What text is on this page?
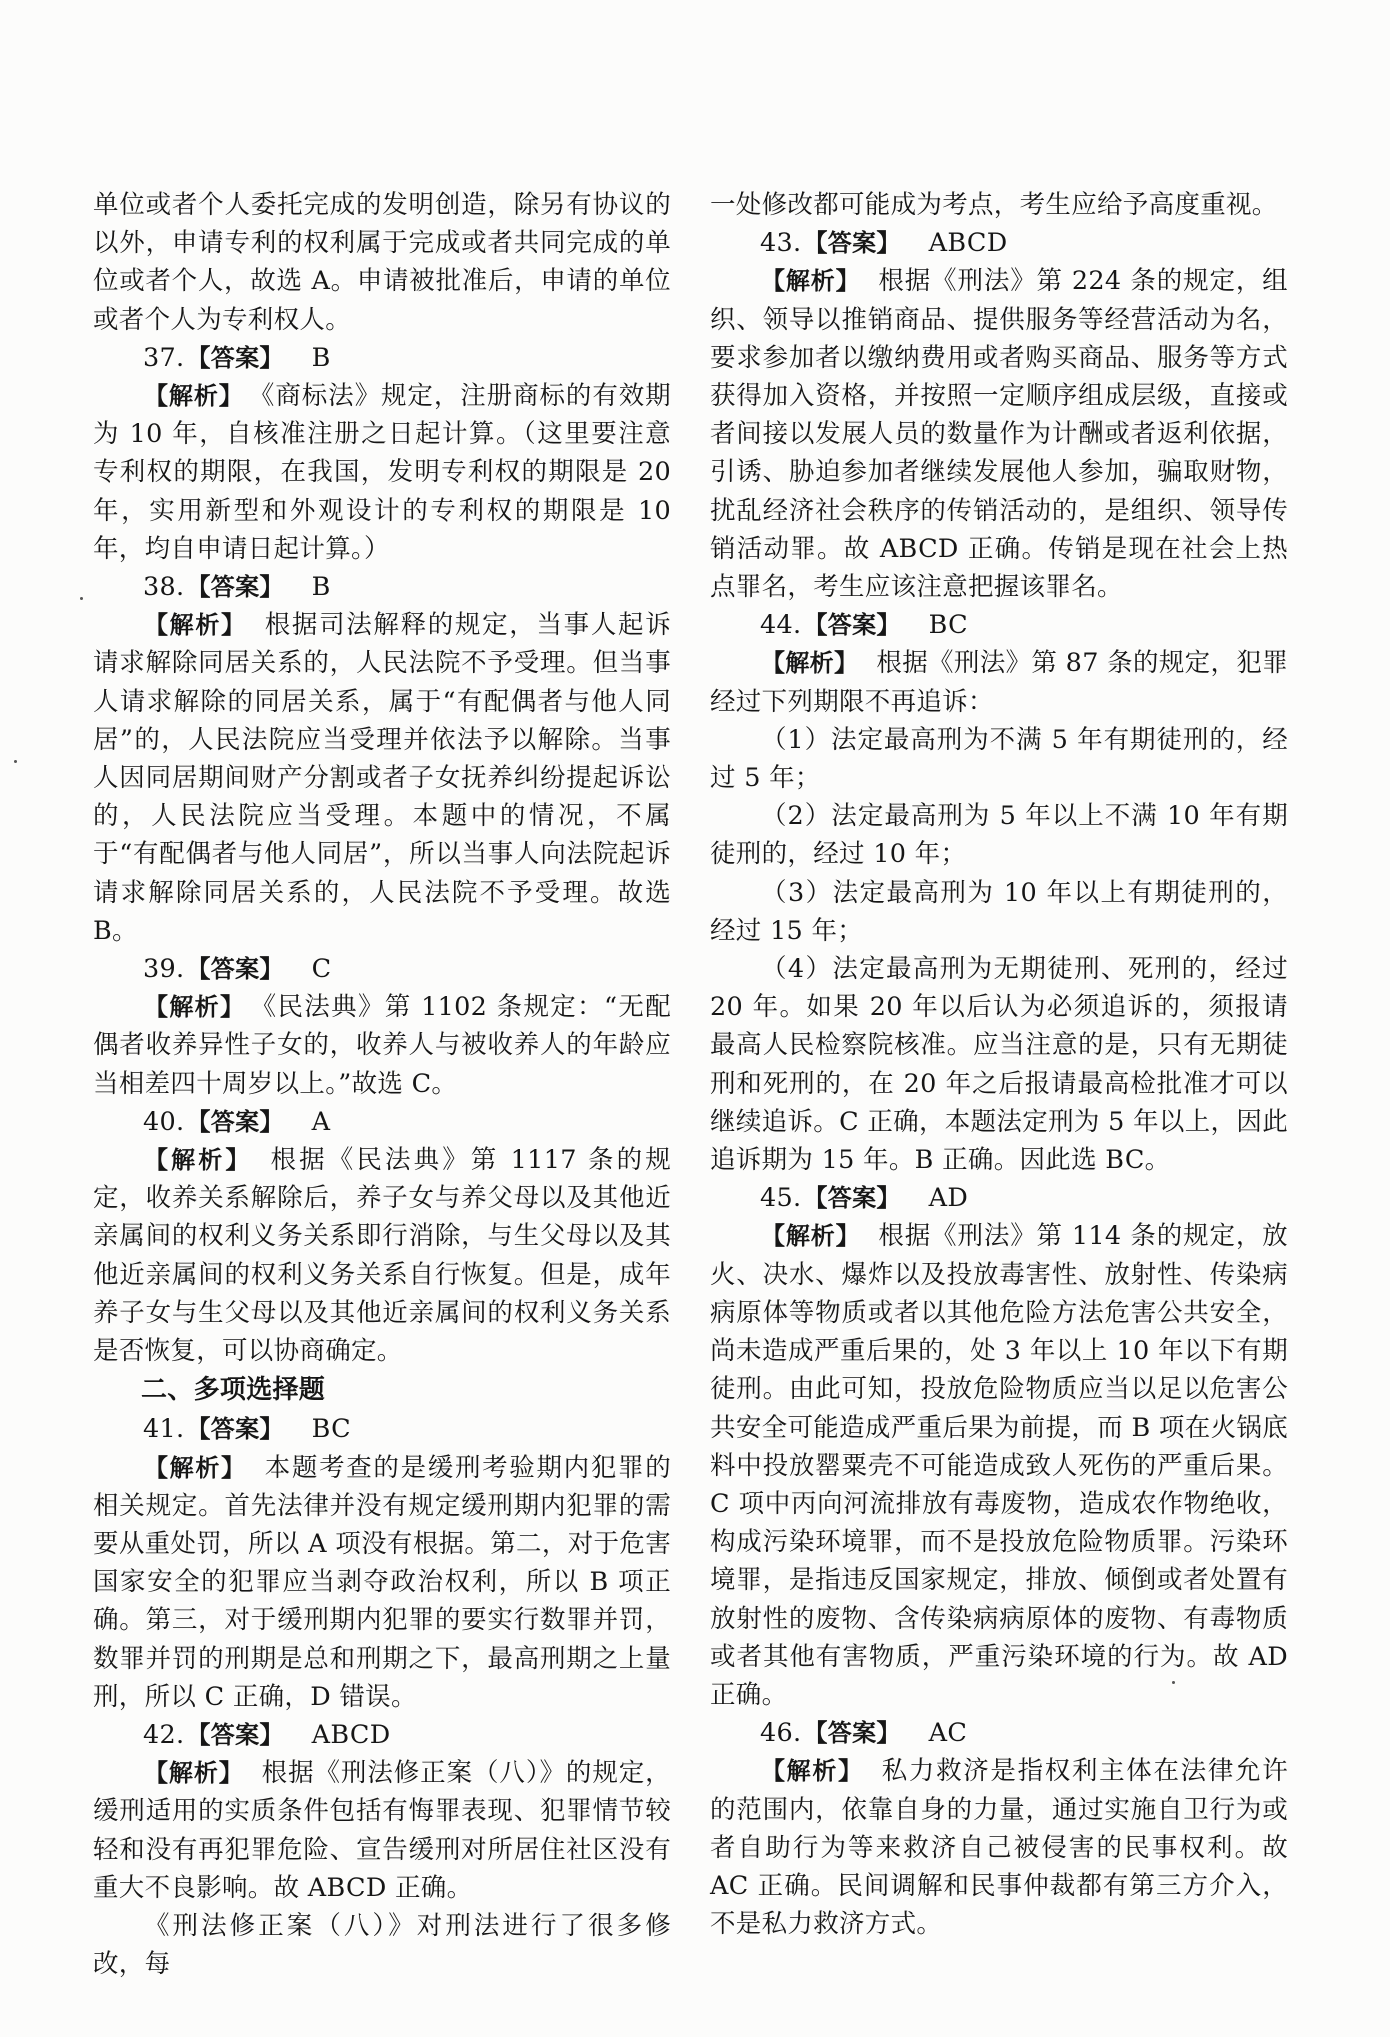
单位或者个人委托完成的发明创造，除另有协议的以外，申请专利的权利属于完成或者共同完成的单位或者个人，故选 A。申请被批准后，申请的单位或者个人为专利权人。

37.【答案】 B

【解析】 《商标法》规定，注册商标的有效期为 10 年，自核准注册之日起计算。（这里要注意专利权的期限，在我国，发明专利权的期限是 20 年，实用新型和外观设计的专利权的期限是 10 年，均自申请日起计算。）

38.【答案】 B

【解析】 根据司法解释的规定，当事人起诉请求解除同居关系的，人民法院不予受理。但当事人请求解除的同居关系，属于“有配偶者与他人同居”的，人民法院应当受理并依法予以解除。当事人因同居期间财产分割或者子女抚养纠纷提起诉讼的，人民法院应当受理。本题中的情况，不属于“有配偶者与他人同居”，所以当事人向法院起诉请求解除同居关系的，人民法院不予受理。故选 B。

39.【答案】 C

【解析】 《民法典》第 1102 条规定：“无配偶者收养异性子女的，收养人与被收养人的年龄应当相差四十周岁以上。”故选 C。

40.【答案】 A

【解析】 根据《民法典》第 1117 条的规定，收养关系解除后，养子女与养父母以及其他近亲属间的权利义务关系即行消除，与生父母以及其他近亲属间的权利义务关系自行恢复。但是，成年养子女与生父母以及其他近亲属间的权利义务关系是否恢复，可以协商确定。

二、多项选择题

41.【答案】 BC

【解析】 本题考查的是缓刑考验期内犯罪的相关规定。首先法律并没有规定缓刑期内犯罪的需要从重处罚，所以 A 项没有根据。第二，对于危害国家安全的犯罪应当剥夺政治权利，所以 B 项正确。第三，对于缓刑期内犯罪的要实行数罪并罚，数罪并罚的刑期是总和刑期之下，最高刑期之上量刑，所以 C 正确，D 错误。

42.【答案】 ABCD

【解析】 根据《刑法修正案（八）》的规定，缓刑适用的实质条件包括有悔罪表现、犯罪情节较轻和没有再犯罪危险、宣告缓刑对所居住社区没有重大不良影响。故 ABCD 正确。

《刑法修正案（八）》对刑法进行了很多修改，每

一处修改都可能成为考点，考生应给予高度重视。

43.【答案】 ABCD

【解析】 根据《刑法》第 224 条的规定，组织、领导以推销商品、提供服务等经营活动为名，要求参加者以缴纳费用或者购买商品、服务等方式获得加入资格，并按照一定顺序组成层级，直接或者间接以发展人员的数量作为计酬或者返利依据，引诱、胁迫参加者继续发展他人参加，骗取财物，扰乱经济社会秩序的传销活动的，是组织、领导传销活动罪。故 ABCD 正确。传销是现在社会上热点罪名，考生应该注意把握该罪名。

44.【答案】 BC

【解析】 根据《刑法》第 87 条的规定，犯罪经过下列期限不再追诉：

（1）法定最高刑为不满 5 年有期徒刑的，经过 5 年；

（2）法定最高刑为 5 年以上不满 10 年有期徒刑的，经过 10 年；

（3）法定最高刑为 10 年以上有期徒刑的，经过 15 年；

（4）法定最高刑为无期徒刑、死刑的，经过 20 年。如果 20 年以后认为必须追诉的，须报请最高人民检察院核准。应当注意的是，只有无期徒刑和死刑的，在 20 年之后报请最高检批准才可以继续追诉。C 正确，本题法定刑为 5 年以上，因此追诉期为 15 年。B 正确。因此选 BC。

45.【答案】 AD

【解析】 根据《刑法》第 114 条的规定，放火、决水、爆炸以及投放毒害性、放射性、传染病病原体等物质或者以其他危险方法危害公共安全，尚未造成严重后果的，处 3 年以上 10 年以下有期徒刑。由此可知，投放危险物质应当以足以危害公共安全可能造成严重后果为前提，而 B 项在火锅底料中投放罂粟壳不可能造成致人死伤的严重后果。C 项中丙向河流排放有毒废物，造成农作物绝收，构成污染环境罪，而不是投放危险物质罪。污染环境罪，是指违反国家规定，排放、倾倒或者处置有放射性的废物、含传染病病原体的废物、有毒物质或者其他有害物质，严重污染环境的行为。故 AD 正确。

46.【答案】 AC

【解析】 私力救济是指权利主体在法律允许的范围内，依靠自身的力量，通过实施自卫行为或者自助行为等来救济自己被侵害的民事权利。故 AC 正确。民间调解和民事仲裁都有第三方介入，不是私力救济方式。
